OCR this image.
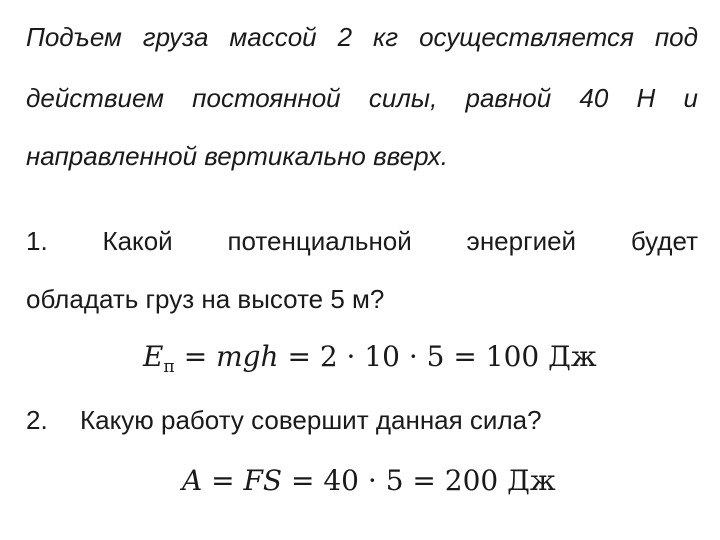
Подъем груза массой 2 кг осуществляется под
действием постоянной силы, равной 40 Н и
направленной вертикально вверх.
1. Какой потенциальной энергией будет
обладать груз на высоте 5 м?
$E_п$ = mgh = 2 · 10 · 5 = 100 Дж
2.	Какую работу совершит данная сила?
A = FS = 40 · 5 = 200 Дж
